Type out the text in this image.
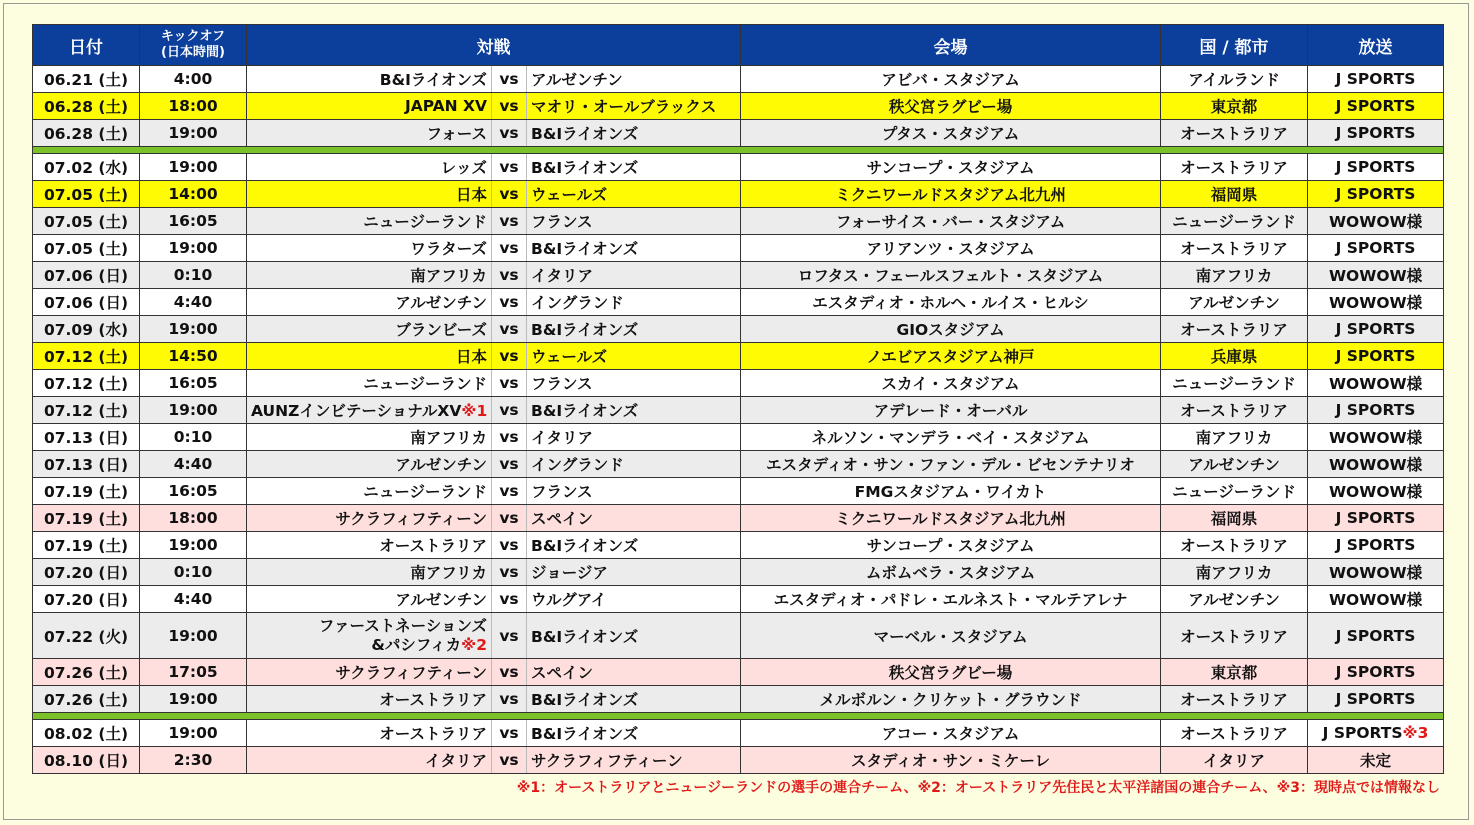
日付	キックオフ
(日本時間)	対戦			会場	国 / 都市	放送
06.21 (土)	4:00	B&Iライオンズ	vs	アルゼンチン	アビバ・スタジアム	アイルランド	J SPORTS
06.28 (土)	18:00	JAPAN XV	vs	マオリ・オールブラックス	秩父宮ラグビー場	東京都	J SPORTS
06.28 (土)	19:00	フォース	vs	B&Iライオンズ	プタス・スタジアム	オーストラリア	J SPORTS

07.02 (水)	19:00	レッズ	vs	B&Iライオンズ	サンコープ・スタジアム	オーストラリア	J SPORTS
07.05 (土)	14:00	日本	vs	ウェールズ	ミクニワールドスタジアム北九州	福岡県	J SPORTS
07.05 (土)	16:05	ニュージーランド	vs	フランス	フォーサイス・バー・スタジアム	ニュージーランド	WOWOW様
07.05 (土)	19:00	ワラターズ	vs	B&Iライオンズ	アリアンツ・スタジアム	オーストラリア	J SPORTS
07.06 (日)	0:10	南アフリカ	vs	イタリア	ロフタス・フェールスフェルト・スタジアム	南アフリカ	WOWOW様
07.06 (日)	4:40	アルゼンチン	vs	イングランド	エスタディオ・ホルヘ・ルイス・ヒルシ	アルゼンチン	WOWOW様
07.09 (水)	19:00	ブランビーズ	vs	B&Iライオンズ	GIOスタジアム	オーストラリア	J SPORTS
07.12 (土)	14:50	日本	vs	ウェールズ	ノエビアスタジアム神戸	兵庫県	J SPORTS
07.12 (土)	16:05	ニュージーランド	vs	フランス	スカイ・スタジアム	ニュージーランド	WOWOW様
07.12 (土)	19:00	AUNZインビテーショナルXV※1	vs	B&Iライオンズ	アデレード・オーバル	オーストラリア	J SPORTS
07.13 (日)	0:10	南アフリカ	vs	イタリア	ネルソン・マンデラ・ベイ・スタジアム	南アフリカ	WOWOW様
07.13 (日)	4:40	アルゼンチン	vs	イングランド	エスタディオ・サン・ファン・デル・ビセンテナリオ	アルゼンチン	WOWOW様
07.19 (土)	16:05	ニュージーランド	vs	フランス	FMGスタジアム・ワイカト	ニュージーランド	WOWOW様
07.19 (土)	18:00	サクラフィフティーン	vs	スペイン	ミクニワールドスタジアム北九州	福岡県	J SPORTS
07.19 (土)	19:00	オーストラリア	vs	B&Iライオンズ	サンコープ・スタジアム	オーストラリア	J SPORTS
07.20 (日)	0:10	南アフリカ	vs	ジョージア	ムボムベラ・スタジアム	南アフリカ	WOWOW様
07.20 (日)	4:40	アルゼンチン	vs	ウルグアイ	エスタディオ・パドレ・エルネスト・マルテアレナ	アルゼンチン	WOWOW様
07.22 (火)	19:00	ファーストネーションズ
&パシフィカ※2	vs	B&Iライオンズ	マーベル・スタジアム	オーストラリア	J SPORTS
07.26 (土)	17:05	サクラフィフティーン	vs	スペイン	秩父宮ラグビー場	東京都	J SPORTS
07.26 (土)	19:00	オーストラリア	vs	B&Iライオンズ	メルボルン・クリケット・グラウンド	オーストラリア	J SPORTS

08.02 (土)	19:00	オーストラリア	vs	B&Iライオンズ	アコー・スタジアム	オーストラリア	J SPORTS※3
08.10 (日)	2:30	イタリア	vs	サクラフィフティーン	スタディオ・サン・ミケーレ	イタリア	未定
※1：オーストラリアとニュージーランドの選手の連合チーム、※2：オーストラリア先住民と太平洋諸国の連合チーム、※3：現時点では情報なし
